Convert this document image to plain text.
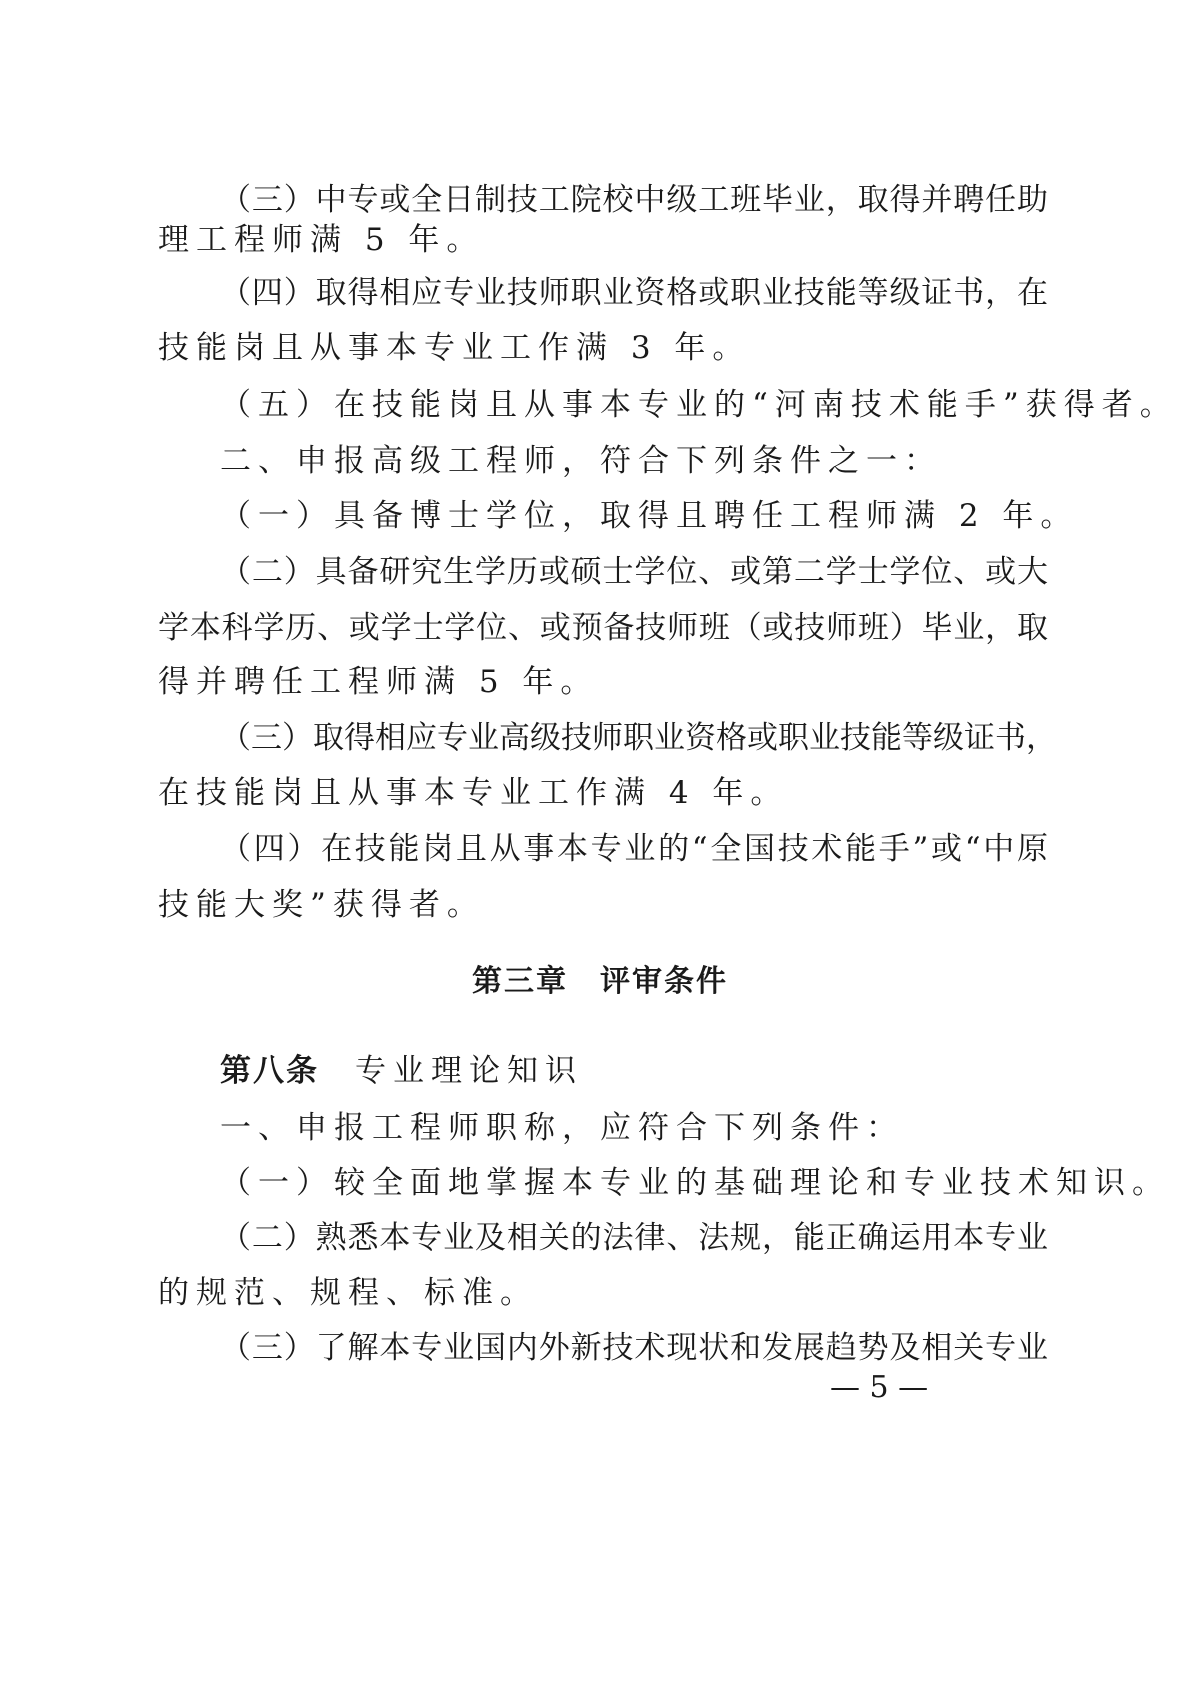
（三）中专或全日制技工院校中级工班毕业，取得并聘任助
理工程师满 5 年。
（四）取得相应专业技师职业资格或职业技能等级证书，在
技能岗且从事本专业工作满 3 年。
（五）在技能岗且从事本专业的“河南技术能手”获得者。
二、申报高级工程师，符合下列条件之一：
（一）具备博士学位，取得且聘任工程师满 2 年。
（二）具备研究生学历或硕士学位、或第二学士学位、或大
学本科学历、或学士学位、或预备技师班（或技师班）毕业，取
得并聘任工程师满 5 年。
（三）取得相应专业高级技师职业资格或职业技能等级证书，
在技能岗且从事本专业工作满 4 年。
（四）在技能岗且从事本专业的“全国技术能手”或“中原
技能大奖”获得者。
第三章　评审条件
第八条 专业理论知识
一、申报工程师职称，应符合下列条件：
（一）较全面地掌握本专业的基础理论和专业技术知识。
（二）熟悉本专业及相关的法律、法规，能正确运用本专业
的规范、规程、标准。
（三）了解本专业国内外新技术现状和发展趋势及相关专业
— 5 —
